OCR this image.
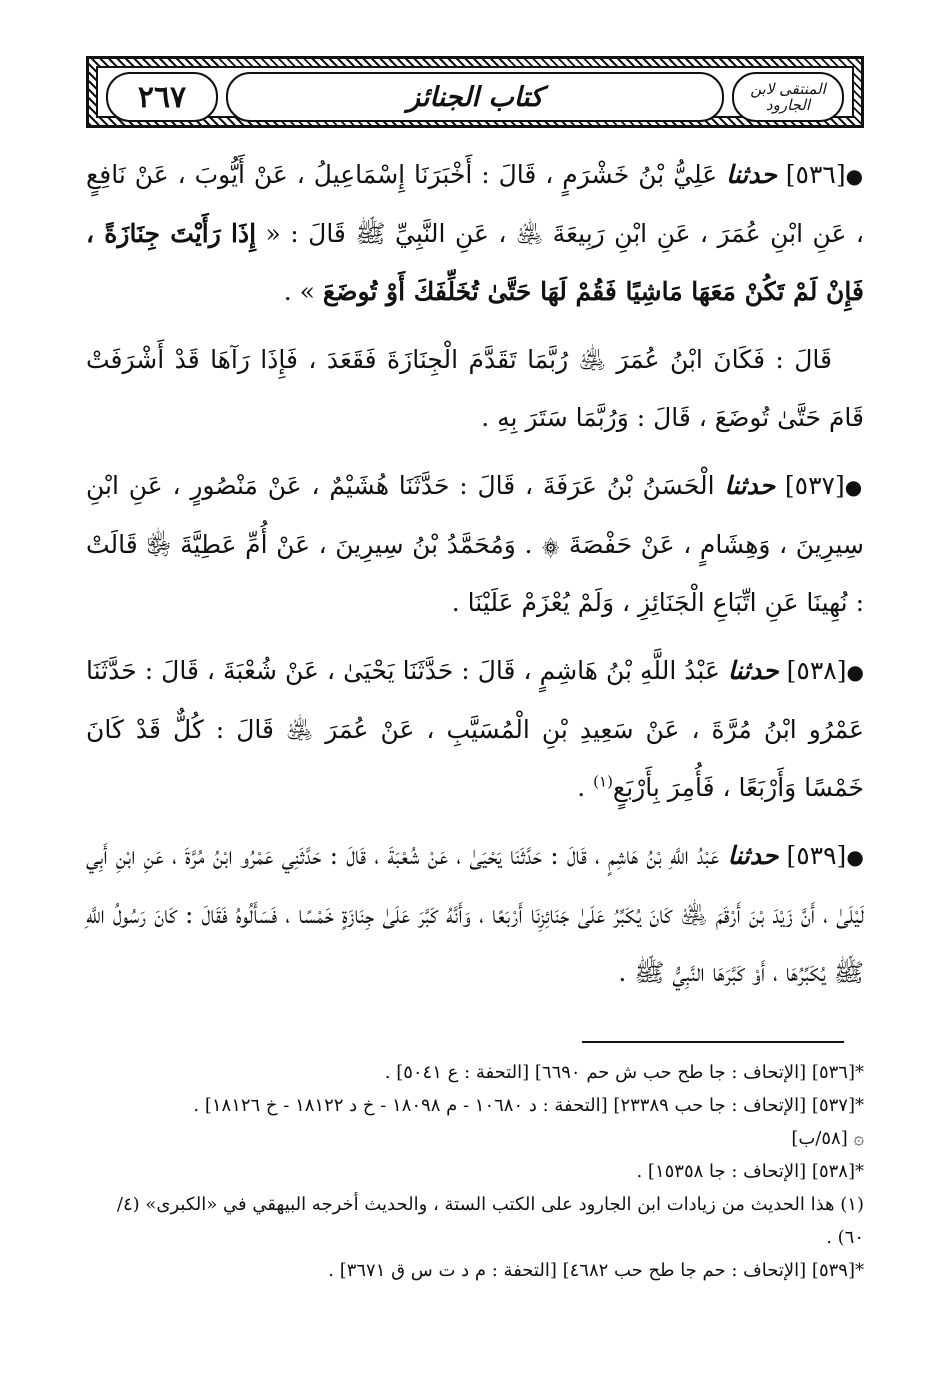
٢٦٧	كتاب الجنائز	المنتقى لابن الجارود

●[٥٣٦] حدثنا عَلِيُّ بْنُ خَشْرَمٍ ، قَالَ : أَخْبَرَنَا إِسْمَاعِيلُ ، عَنْ أَيُّوبَ ، عَنْ نَافِعٍ ، عَنِ ابْنِ عُمَرَ ، عَنِ ابْنِ رَبِيعَةَ ﵁ ، عَنِ النَّبِيِّ ﷺ قَالَ : « إِذَا رَأَيْتَ جِنَازَةً ، فَإِنْ لَمْ تَكُنْ مَعَهَا مَاشِيًا فَقُمْ لَهَا حَتَّىٰ تُخَلِّفَكَ أَوْ تُوضَعَ » .

قَالَ : فَكَانَ ابْنُ عُمَرَ ﵁ رُبَّمَا تَقَدَّمَ الْجِنَازَةَ فَقَعَدَ ، فَإِذَا رَآهَا قَدْ أَشْرَفَتْ قَامَ حَتَّىٰ تُوضَعَ ، قَالَ : وَرُبَّمَا سَتَرَ بِهِ .

●[٥٣٧] حدثنا الْحَسَنُ بْنُ عَرَفَةَ ، قَالَ : حَدَّثَنَا هُشَيْمٌ ، عَنْ مَنْصُورٍ ، عَنِ ابْنِ سِيرِينَ ، وَهِشَامٍ ، عَنْ حَفْصَةَ ۞ . وَمُحَمَّدُ بْنُ سِيرِينَ ، عَنْ أُمِّ عَطِيَّةَ ﵂ قَالَتْ : نُهِينَا عَنِ اتِّبَاعِ الْجَنَائِزِ ، وَلَمْ يُعْزَمْ عَلَيْنَا .

●[٥٣٨] حدثنا عَبْدُ اللَّهِ بْنُ هَاشِمٍ ، قَالَ : حَدَّثَنَا يَحْيَىٰ ، عَنْ شُعْبَةَ ، قَالَ : حَدَّثَنَا عَمْرُو ابْنُ مُرَّةَ ، عَنْ سَعِيدِ بْنِ الْمُسَيَّبِ ، عَنْ عُمَرَ ﵁ قَالَ : كُلٌّ قَدْ كَانَ خَمْسًا وَأَرْبَعًا ، فَأُمِرَ بِأَرْبَعٍ$^{(١)}$ .

●[٥٣٩] حدثنا عَبْدُ اللَّهِ بْنُ هَاشِمٍ ، قَالَ : حَدَّثَنَا يَحْيَىٰ ، عَنْ شُعْبَةَ ، قَالَ : حَدَّثَنِي عَمْرُو ابْنُ مُرَّةَ ، عَنِ ابْنِ أَبِي لَيْلَىٰ ، أَنَّ زَيْدَ بْنَ أَرْقَمَ ﵁ كَانَ يُكَبِّرُ عَلَىٰ جَنَائِزِنَا أَرْبَعًا ، وَأَنَّهُ كَبَّرَ عَلَىٰ جِنَازَةٍ خَمْسًا ، فَسَأَلُوهُ فَقَالَ : كَانَ رَسُولُ اللَّهِ ﷺ يُكَبِّرُهَا ، أَوْ كَبَّرَهَا النَّبِيُّ ﷺ .

*[٥٣٦] [الإتحاف : جا طح حب ش حم ٦٦٩٠] [التحفة : ع ٥٠٤١] .

*[٥٣٧] [الإتحاف : جا حب ٢٣٣٨٩] [التحفة : د ١٠٦٨٠ - م ١٨٠٩٨ - خ د ١٨١٢٢ - خ ١٨١٢٦] .

۞ [٥٨/ب]

*[٥٣٨] [الإتحاف : جا ١٥٣٥٨] .

(١) هذا الحديث من زيادات ابن الجارود على الكتب الستة ، والحديث أخرجه البيهقي في «الكبرى» (٤/ ٦٠) .

*[٥٣٩] [الإتحاف : حم جا طح حب ٤٦٨٢] [التحفة : م د ت س ق ٣٦٧١] .
